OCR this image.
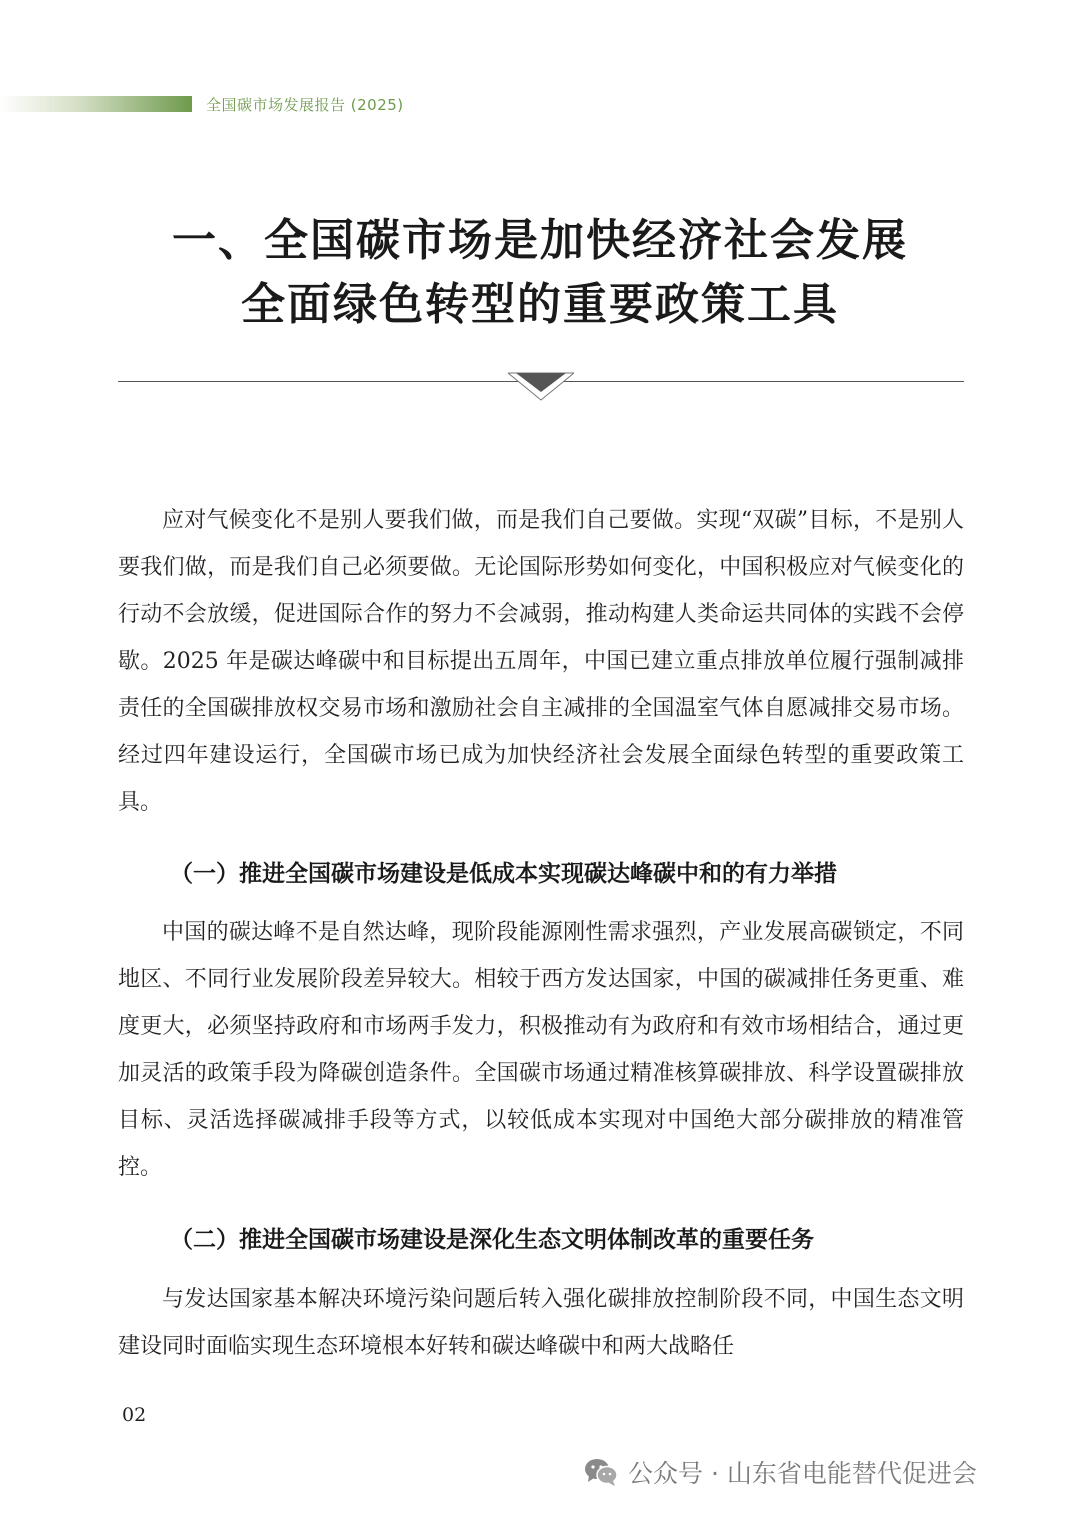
全国碳市场发展报告 (2025)
一、全国碳市场是加快经济社会发展
全面绿色转型的重要政策工具

应对气候变化不是别人要我们做，而是我们自己要做。实现“双碳”目标，不是别人要我们做，而是我们自己必须要做。无论国际形势如何变化，中国积极应对气候变化的行动不会放缓，促进国际合作的努力不会减弱，推动构建人类命运共同体的实践不会停歇。2025 年是碳达峰碳中和目标提出五周年，中国已建立重点排放单位履行强制减排责任的全国碳排放权交易市场和激励社会自主减排的全国温室气体自愿减排交易市场。经过四年建设运行，全国碳市场已成为加快经济社会发展全面绿色转型的重要政策工具。

（一）推进全国碳市场建设是低成本实现碳达峰碳中和的有力举措

中国的碳达峰不是自然达峰，现阶段能源刚性需求强烈，产业发展高碳锁定，不同地区、不同行业发展阶段差异较大。相较于西方发达国家，中国的碳减排任务更重、难度更大，必须坚持政府和市场两手发力，积极推动有为政府和有效市场相结合，通过更加灵活的政策手段为降碳创造条件。全国碳市场通过精准核算碳排放、科学设置碳排放目标、灵活选择碳减排手段等方式，以较低成本实现对中国绝大部分碳排放的精准管控。

（二）推进全国碳市场建设是深化生态文明体制改革的重要任务

与发达国家基本解决环境污染问题后转入强化碳排放控制阶段不同，中国生态文明建设同时面临实现生态环境根本好转和碳达峰碳中和两大战略任

02
公众号 · 山东省电能替代促进会
